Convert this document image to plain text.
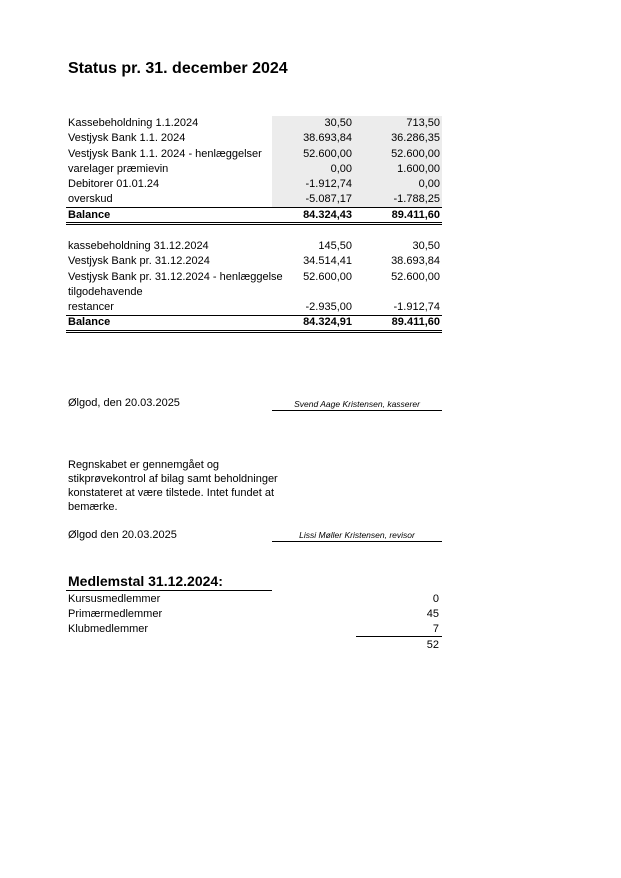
Status pr. 31. december 2024
Kassebeholdning 1.1.2024	30,50	713,50
Vestjysk Bank 1.1. 2024	38.693,84	36.286,35
Vestjysk Bank 1.1. 2024 - henlæggelser	52.600,00	52.600,00
varelager præmievin	0,00	1.600,00
Debitorer 01.01.24	-1.912,74	0,00
overskud	-5.087,17	-1.788,25
Balance	84.324,43	89.411,60
kassebeholdning 31.12.2024	145,50	30,50
Vestjysk Bank pr. 31.12.2024	34.514,41	38.693,84
Vestjysk Bank pr. 31.12.2024 - henlæggelse	52.600,00	52.600,00
tilgodehavende
restancer	-2.935,00	-1.912,74
Balance	84.324,91	89.411,60
Ølgod, den 20.03.2025	Svend Aage Kristensen, kasserer
Regnskabet er gennemgået og stikprøvekontrol af bilag samt beholdninger konstateret at være tilstede. Intet fundet at bemærke.
Ølgod den 20.03.2025	Lissi Møller Kristensen, revisor
Medlemstal 31.12.2024:
Kursusmedlemmer	0
Primærmedlemmer	45
Klubmedlemmer	7
52
